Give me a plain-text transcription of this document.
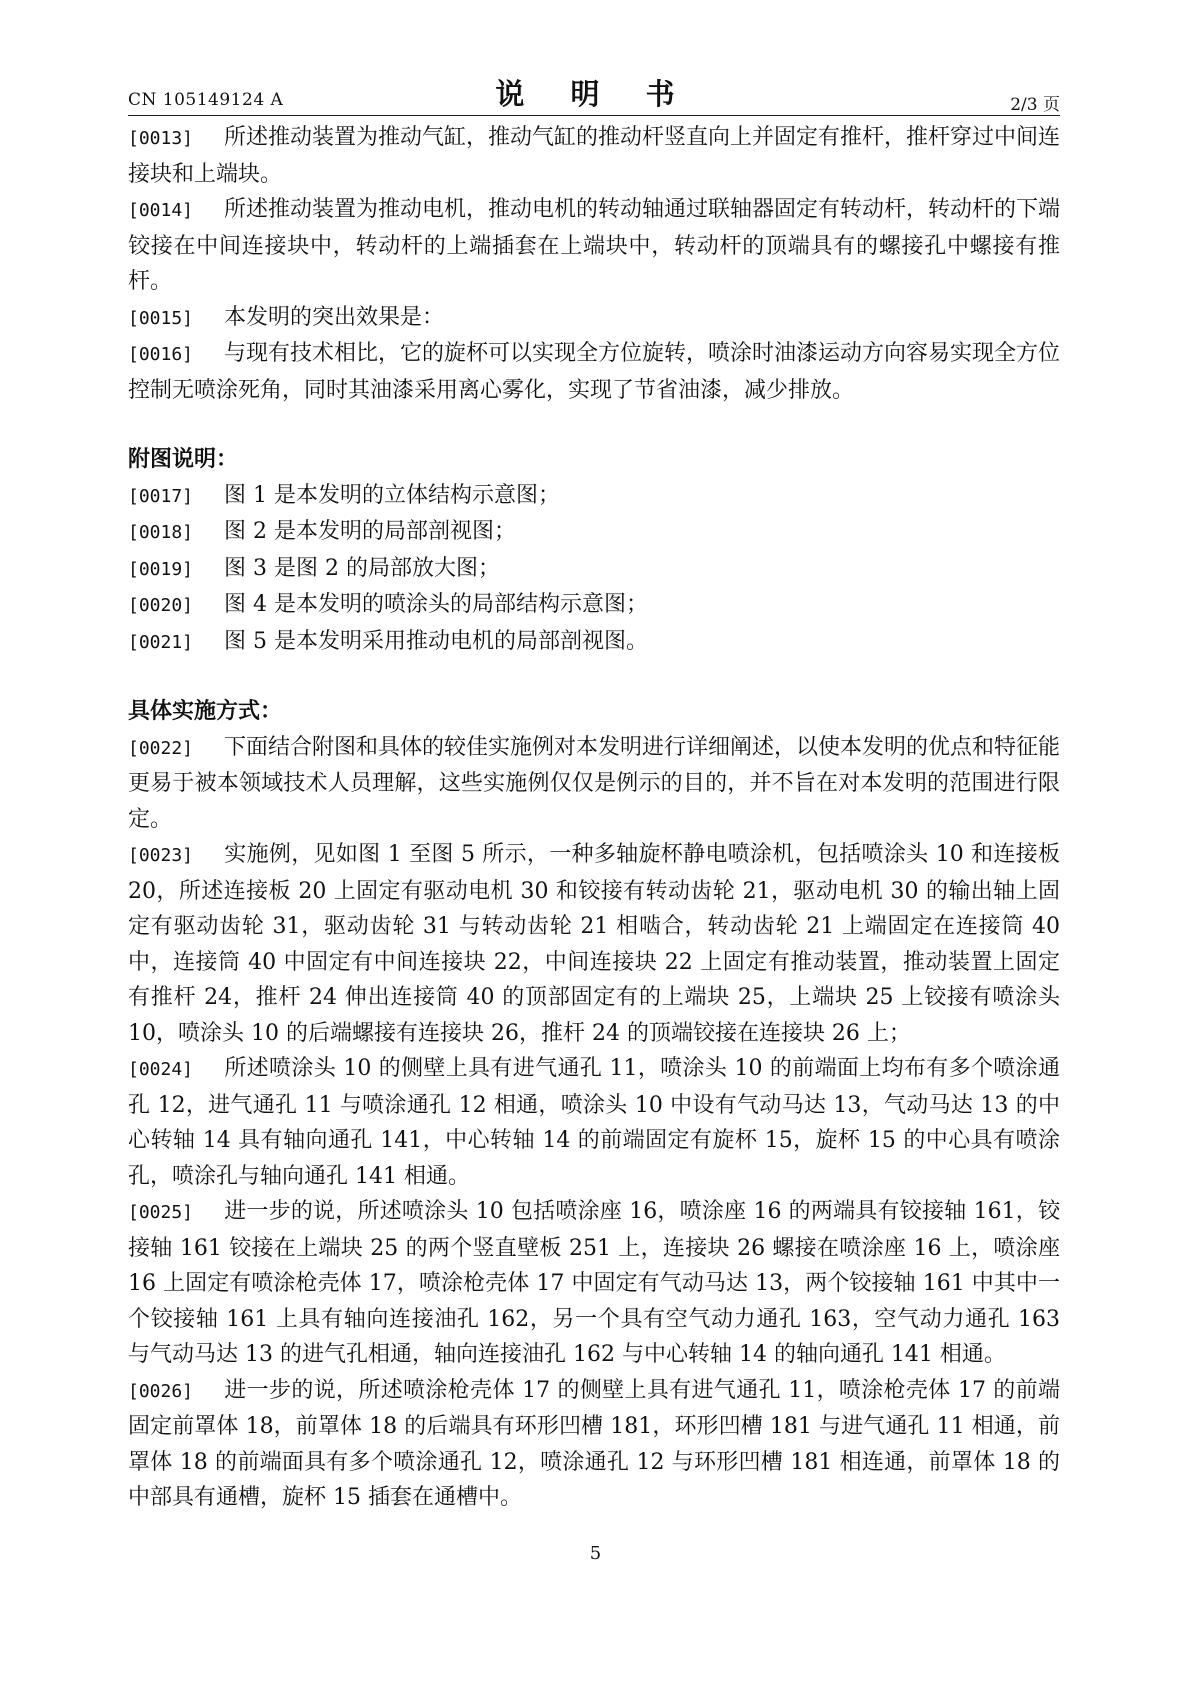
CN 105149124 A	说 明 书	2/3 页

[0013] 所述推动装置为推动气缸，推动气缸的推动杆竖直向上并固定有推杆，推杆穿过中间连接块和上端块。

[0014] 所述推动装置为推动电机，推动电机的转动轴通过联轴器固定有转动杆，转动杆的下端铰接在中间连接块中，转动杆的上端插套在上端块中，转动杆的顶端具有的螺接孔中螺接有推杆。

[0015] 本发明的突出效果是：

[0016] 与现有技术相比，它的旋杯可以实现全方位旋转，喷涂时油漆运动方向容易实现全方位控制无喷涂死角，同时其油漆采用离心雾化，实现了节省油漆，减少排放。

附图说明：

[0017] 图 1 是本发明的立体结构示意图；

[0018] 图 2 是本发明的局部剖视图；

[0019] 图 3 是图 2 的局部放大图；

[0020] 图 4 是本发明的喷涂头的局部结构示意图；

[0021] 图 5 是本发明采用推动电机的局部剖视图。

具体实施方式：

[0022] 下面结合附图和具体的较佳实施例对本发明进行详细阐述，以使本发明的优点和特征能更易于被本领域技术人员理解，这些实施例仅仅是例示的目的，并不旨在对本发明的范围进行限定。

[0023] 实施例，见如图 1 至图 5 所示，一种多轴旋杯静电喷涂机，包括喷涂头 10 和连接板 20，所述连接板 20 上固定有驱动电机 30 和铰接有转动齿轮 21，驱动电机 30 的输出轴上固定有驱动齿轮 31，驱动齿轮 31 与转动齿轮 21 相啮合，转动齿轮 21 上端固定在连接筒 40 中，连接筒 40 中固定有中间连接块 22，中间连接块 22 上固定有推动装置，推动装置上固定有推杆 24，推杆 24 伸出连接筒 40 的顶部固定有的上端块 25，上端块 25 上铰接有喷涂头 10，喷涂头 10 的后端螺接有连接块 26，推杆 24 的顶端铰接在连接块 26 上；

[0024] 所述喷涂头 10 的侧壁上具有进气通孔 11，喷涂头 10 的前端面上均布有多个喷涂通孔 12，进气通孔 11 与喷涂通孔 12 相通，喷涂头 10 中设有气动马达 13，气动马达 13 的中心转轴 14 具有轴向通孔 141，中心转轴 14 的前端固定有旋杯 15，旋杯 15 的中心具有喷涂孔，喷涂孔与轴向通孔 141 相通。

[0025] 进一步的说，所述喷涂头 10 包括喷涂座 16，喷涂座 16 的两端具有铰接轴 161，铰接轴 161 铰接在上端块 25 的两个竖直壁板 251 上，连接块 26 螺接在喷涂座 16 上，喷涂座 16 上固定有喷涂枪壳体 17，喷涂枪壳体 17 中固定有气动马达 13，两个铰接轴 161 中其中一个铰接轴 161 上具有轴向连接油孔 162，另一个具有空气动力通孔 163，空气动力通孔 163 与气动马达 13 的进气孔相通，轴向连接油孔 162 与中心转轴 14 的轴向通孔 141 相通。

[0026] 进一步的说，所述喷涂枪壳体 17 的侧壁上具有进气通孔 11，喷涂枪壳体 17 的前端固定前罩体 18，前罩体 18 的后端具有环形凹槽 181，环形凹槽 181 与进气通孔 11 相通，前罩体 18 的前端面具有多个喷涂通孔 12，喷涂通孔 12 与环形凹槽 181 相连通，前罩体 18 的中部具有通槽，旋杯 15 插套在通槽中。

5
